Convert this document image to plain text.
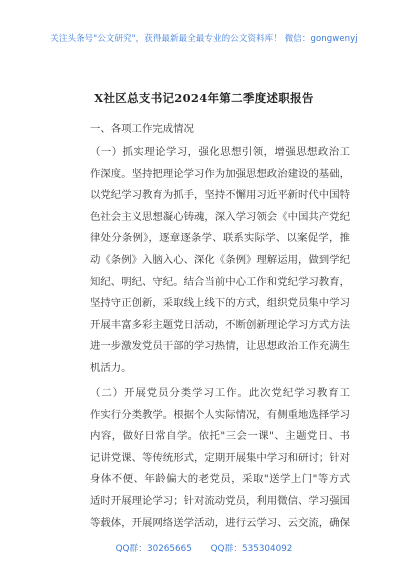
关注头条号"公文研究"，获得最新最全最专业的公文资料库！ 微信：gongwenyj
X社区总支书记2024年第二季度述职报告
一、各项工作完成情况
（一）抓实理论学习，强化思想引领，增强思想政治工
作深度。坚持把理论学习作为加强思想政治建设的基础，
以党纪学习教育为抓手，坚持不懈用习近平新时代中国特
色社会主义思想凝心铸魂，深入学习领会《中国共产党纪
律处分条例》，逐章逐条学、联系实际学、以案促学，推
动《条例》入脑入心、深化《条例》理解运用，做到学纪
知纪、明纪、守纪。结合当前中心工作和党纪学习教育，
坚持守正创新，采取线上线下的方式，组织党员集中学习
开展丰富多彩主题党日活动，不断创新理论学习方式方法
进一步激发党员干部的学习热情，让思想政治工作充满生
机活力。
（二）开展党员分类学习工作。此次党纪学习教育工
作实行分类教学。根据个人实际情况，有侧重地选择学习
内容，做好日常自学。依托"三会一课"、主题党日、书
记讲党课、等传统形式，定期开展集中学习和研讨；针对
身体不便、年龄偏大的老党员，采取"送学上门"等方式
适时开展理论学习；针对流动党员，利用微信、学习强国
等载体，开展网络送学活动，进行云学习、云交流，确保
QQ群：30265665 QQ群：535304092
